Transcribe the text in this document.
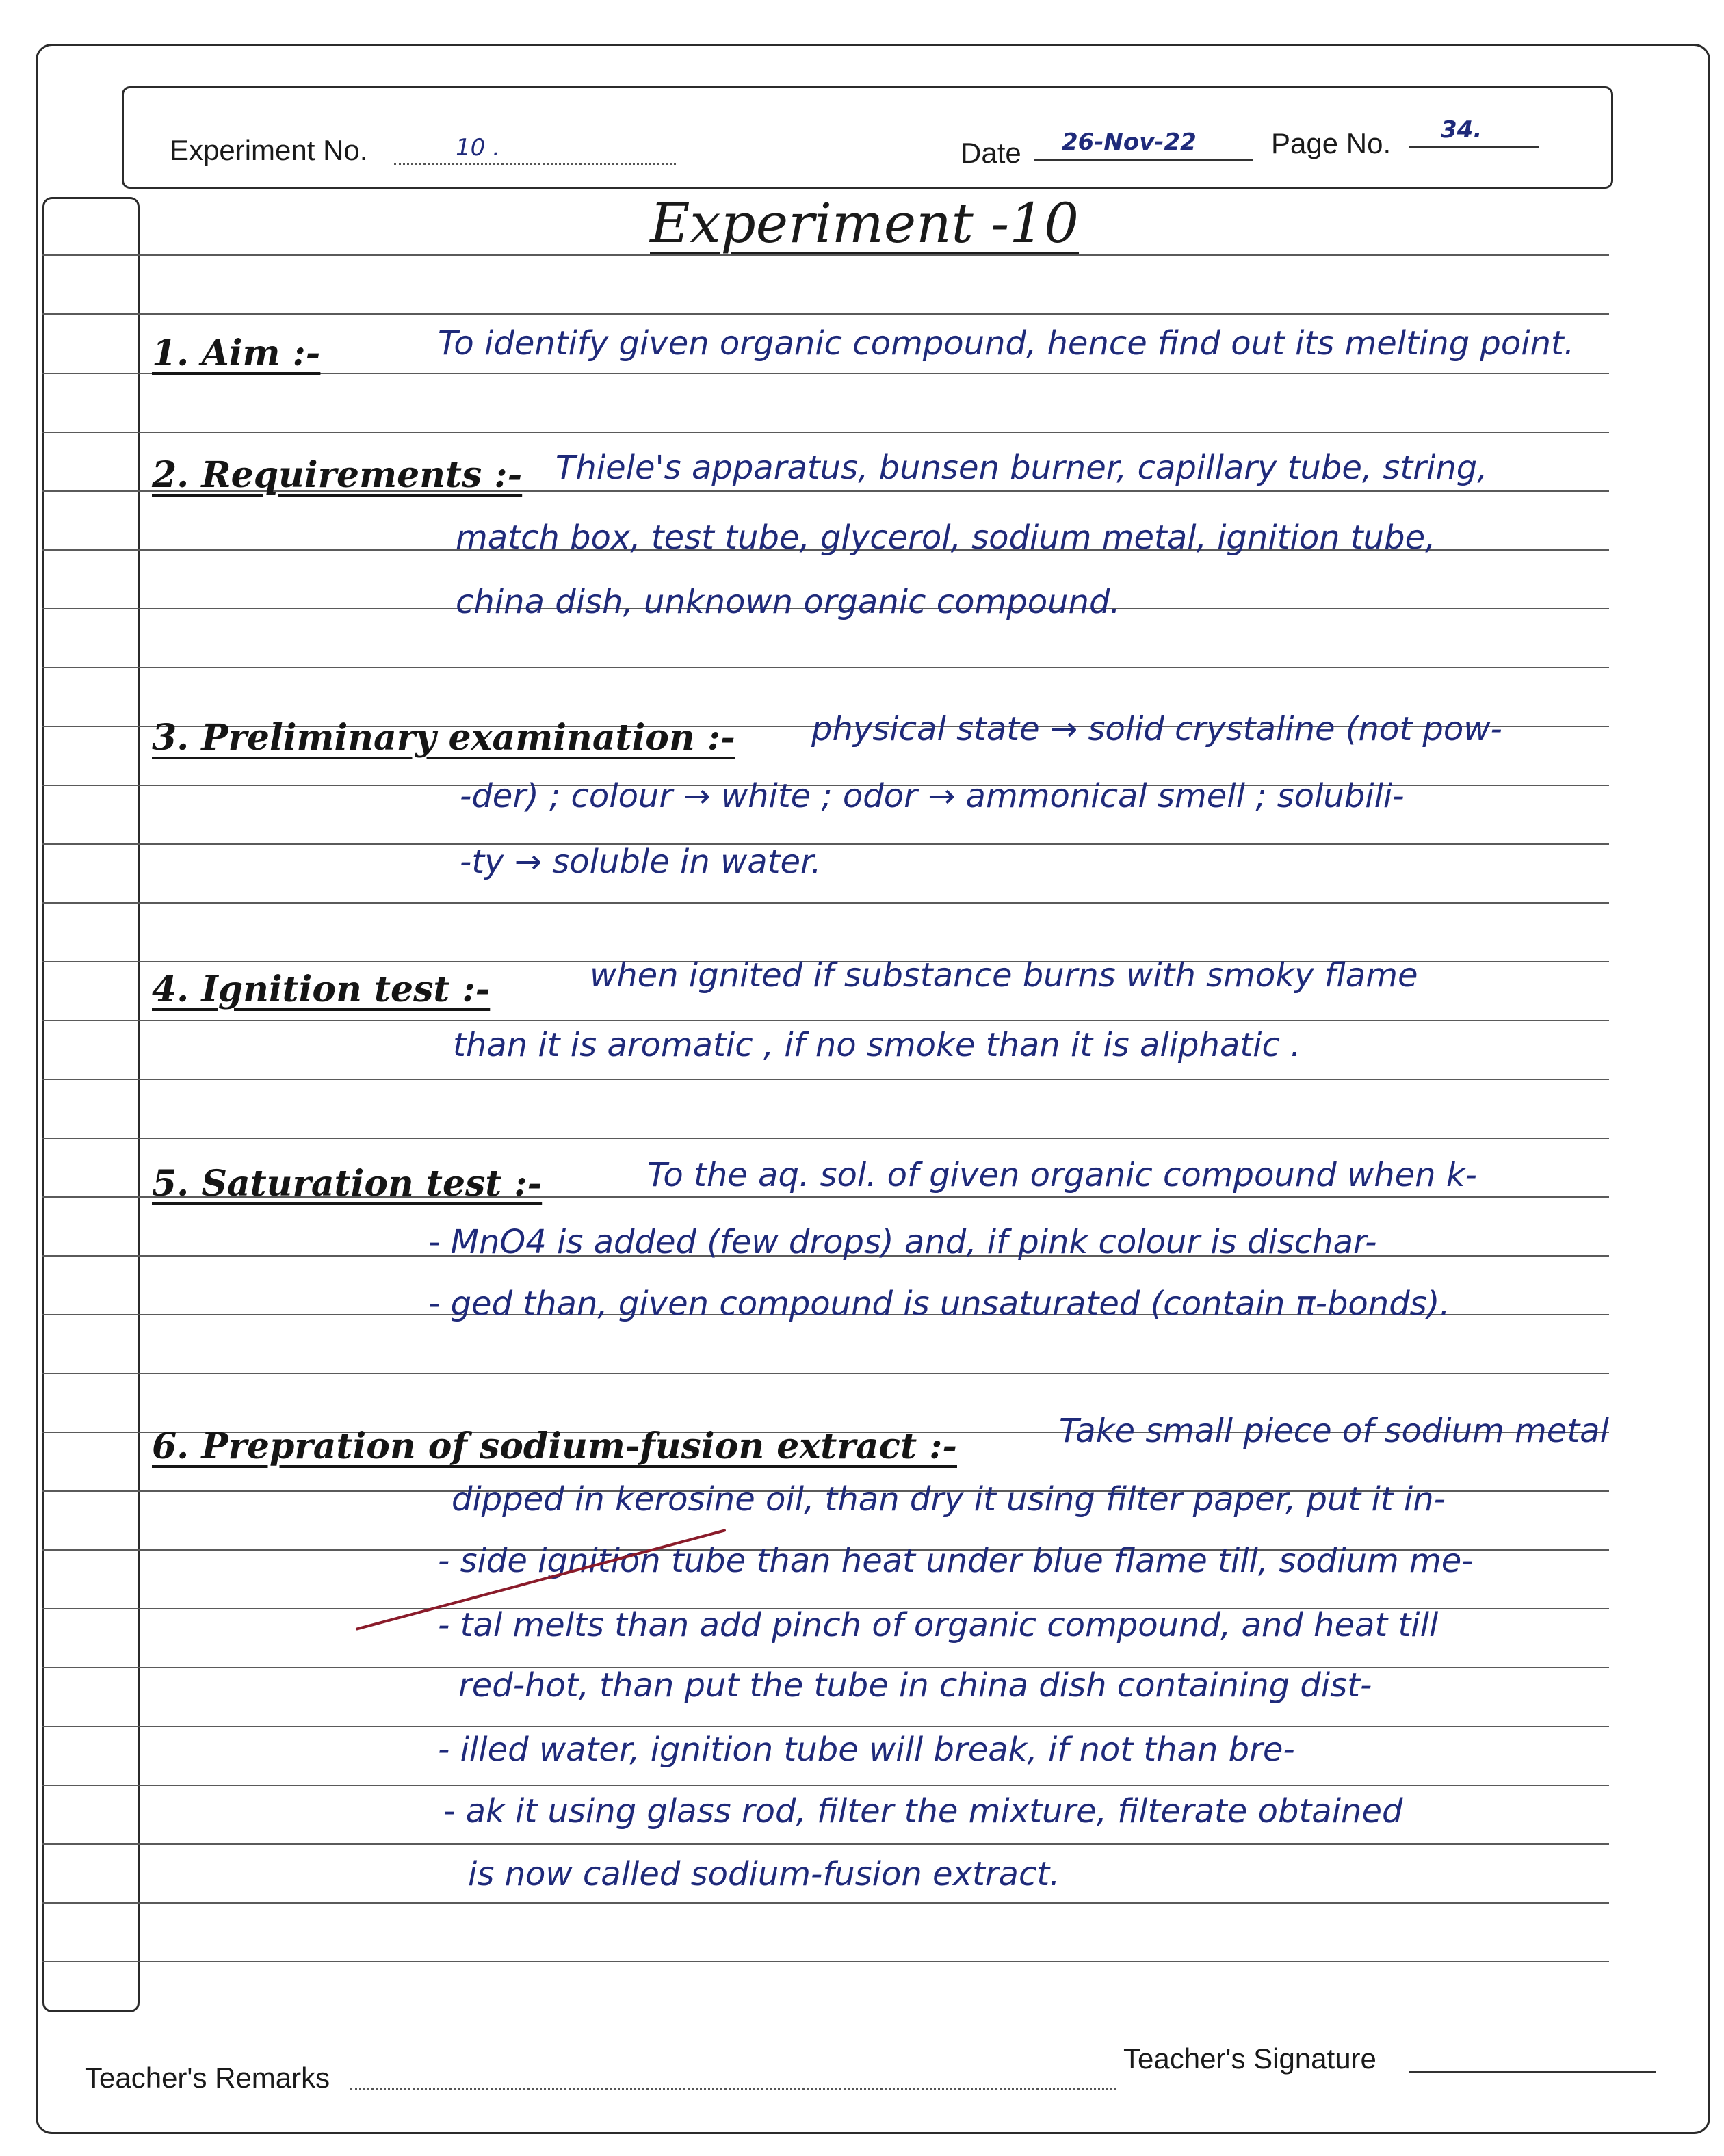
Experiment No.	10 .	Date 26-Nov-22	Page No. 34.
Experiment -10
1. Aim :-	To identify given organic compound, hence find out its melting point.
2. Requirements :- Thiele's apparatus, bunsen burner, capillary tube, string,
match box, test tube, glycerol, sodium metal, ignition tube,
china dish, unknown organic compound.
3. Preliminary examination :- physical state → solid crystaline (not pow-
-der) ; colour → white ; odor → ammonical smell ; solubili-
-ty → soluble in water.
4. Ignition test :-	when ignited if substance burns with smoky flame
than it is aromatic , if no smoke than it is aliphatic .
5. Saturation test :-	To the aq. sol. of given organic compound when k-
- MnO4 is added (few drops) and, if pink colour is dischar-
- ged than, given compound is unsaturated (contain π-bonds).
6. Prepration of sodium-fusion extract :-	Take small piece of sodium metal
dipped in kerosine oil, than dry it using filter paper, put it in-
- side ignition tube than heat under blue flame till, sodium me-
- tal melts than add pinch of organic compound, and heat till
red-hot, than put the tube in china dish containing dist-
- illed water, ignition tube will break, if not than bre-
- ak it using glass rod, filter the mixture, filterate obtained
is now called sodium-fusion extract.
Teacher's Remarks
Teacher's Signature
